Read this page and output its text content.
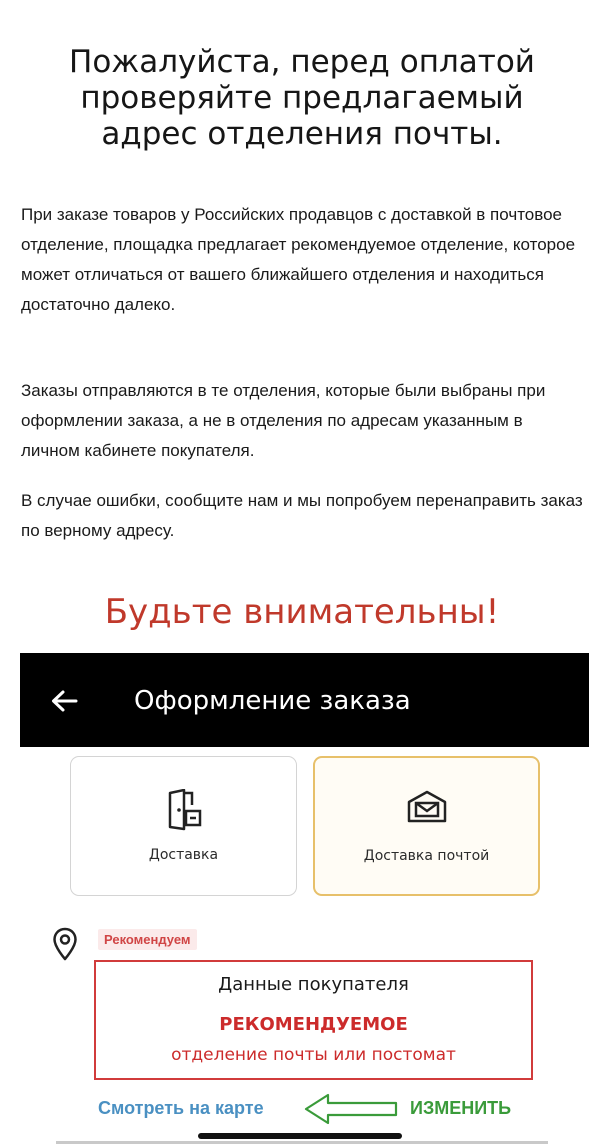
Пожалуйста, перед оплатой проверяйте предлагаемый адрес отделения почты.
При заказе товаров у Российских продавцов с доставкой в почтовое отделение, площадка предлагает рекомендуемое отделение, которое может отличаться от вашего ближайшего отделения и находиться достаточно далеко.
Заказы отправляются в те отделения, которые были выбраны при оформлении заказа, а не в отделения по адресам указанным в личном кабинете покупателя.
В случае ошибки, сообщите нам и мы попробуем перенаправить заказ по верному адресу.
Будьте внимательны!
Оформление заказа
Доставка	Доставка почтой
Рекомендуем
Данные покупателя
РЕКОМЕНДУЕМОЕ
отделение почты или постомат
Смотреть на карте	ИЗМЕНИТЬ
